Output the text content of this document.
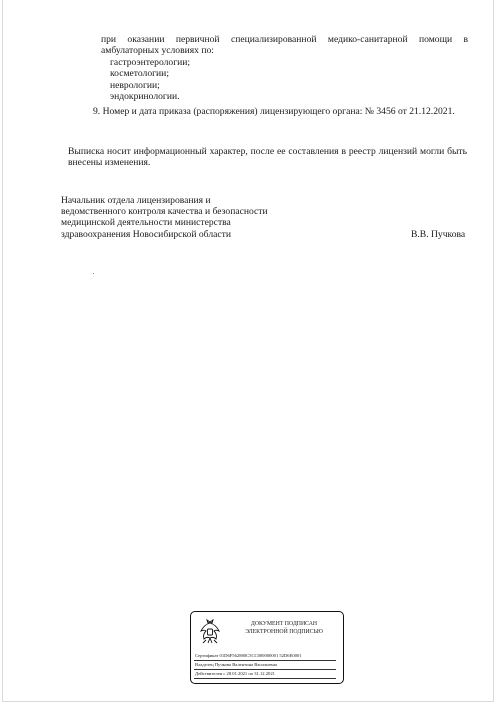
при оказании первичной специализированной медико-санитарной помощи в
амбулаторных условиях по:
гастроэнтерологии;
косметологии;
неврологии;
эндокринологии.
9. Номер и дата приказа (распоряжения) лицензирующего органа: № 3456 от 21.12.2021.
Выписка носит информационный характер, после ее составления в реестр лицензий могли быть
внесены изменения.
Начальник отдела лицензирования и
ведомственного контроля качества и безопасности
медицинской деятельности министерства
здравоохранения Новосибирской области	В.В. Пучкова
ДОКУМЕНТ ПОДПИСАН
ЭЛЕКТРОННОЙ ПОДПИСЬЮ
Сертификат 01D6F562880C5CC000000001 52D6E0001
Владелец Пучкова Валентина Васильевна
Действителен с 28.01.2021 по 31.12.2021
